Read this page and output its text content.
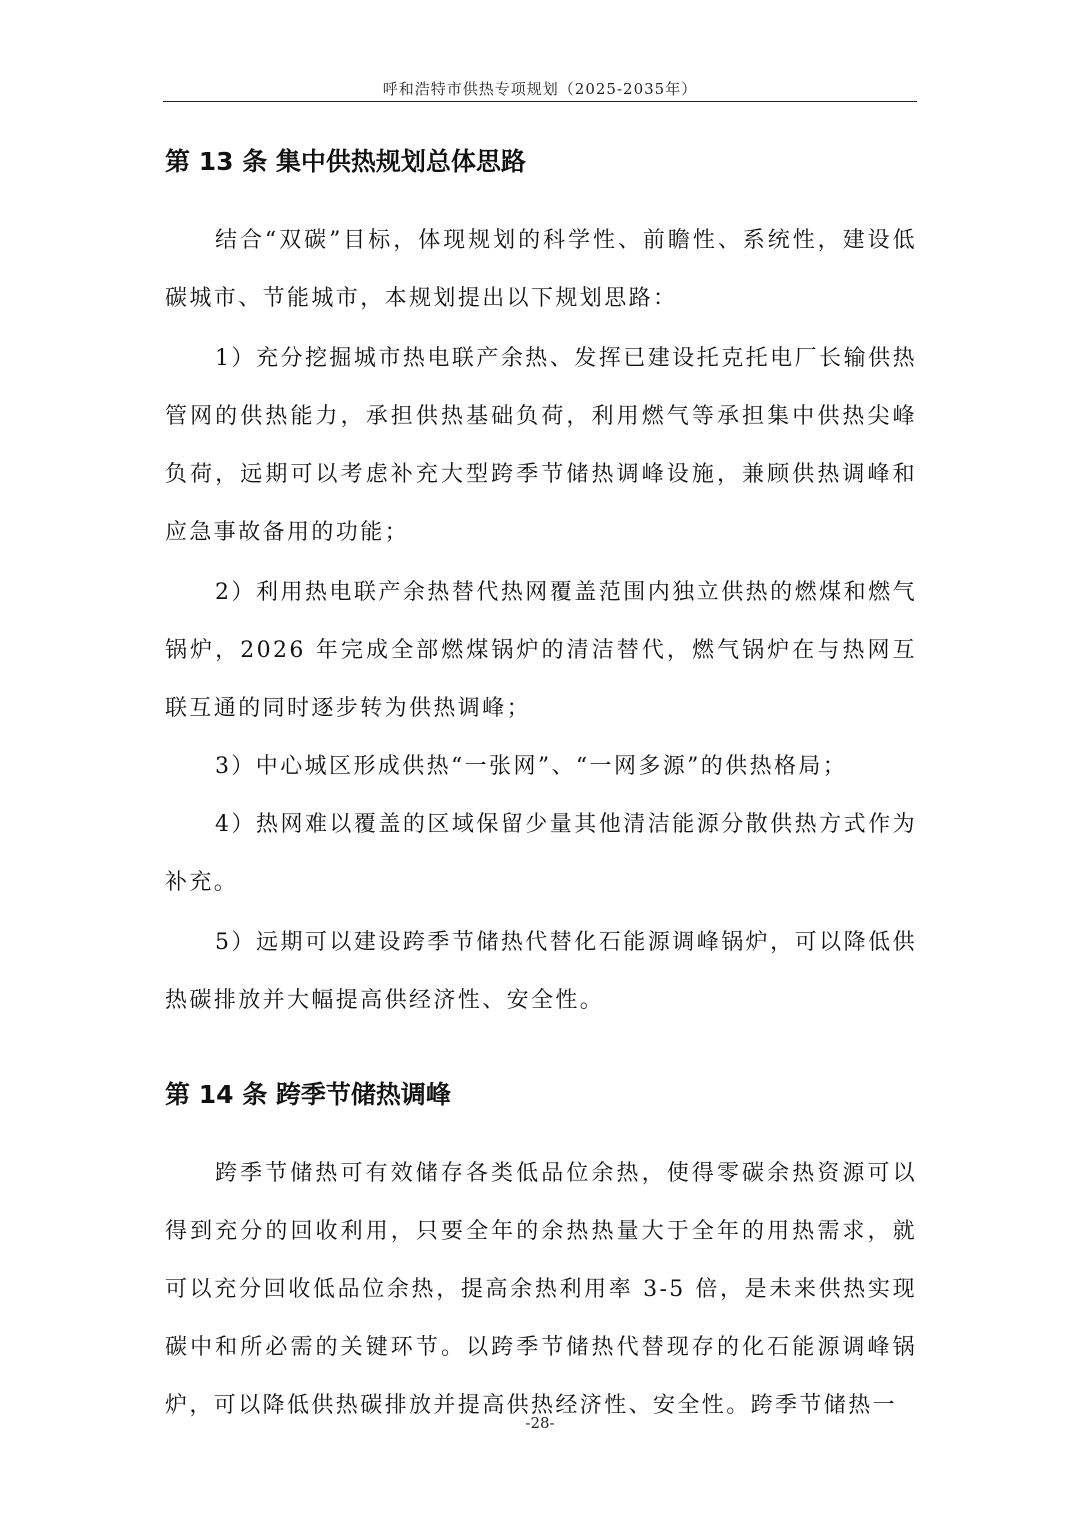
呼和浩特市供热专项规划（2025-2035年）
第 13 条 集中供热规划总体思路

结合“双碳”目标，体现规划的科学性、前瞻性、系统性，建设低碳城市、节能城市，本规划提出以下规划思路：

1）充分挖掘城市热电联产余热、发挥已建设托克托电厂长输供热管网的供热能力，承担供热基础负荷，利用燃气等承担集中供热尖峰负荷，远期可以考虑补充大型跨季节储热调峰设施，兼顾供热调峰和应急事故备用的功能；

2）利用热电联产余热替代热网覆盖范围内独立供热的燃煤和燃气锅炉，2026 年完成全部燃煤锅炉的清洁替代，燃气锅炉在与热网互联互通的同时逐步转为供热调峰；

3）中心城区形成供热“一张网”、“一网多源”的供热格局；

4）热网难以覆盖的区域保留少量其他清洁能源分散供热方式作为补充。

5）远期可以建设跨季节储热代替化石能源调峰锅炉，可以降低供热碳排放并大幅提高供经济性、安全性。

第 14 条 跨季节储热调峰

跨季节储热可有效储存各类低品位余热，使得零碳余热资源可以得到充分的回收利用，只要全年的余热热量大于全年的用热需求，就可以充分回收低品位余热，提高余热利用率 3-5 倍，是未来供热实现碳中和所必需的关键环节。以跨季节储热代替现存的化石能源调峰锅炉，可以降低供热碳排放并提高供热经济性、安全性。跨季节储热一

-28-
